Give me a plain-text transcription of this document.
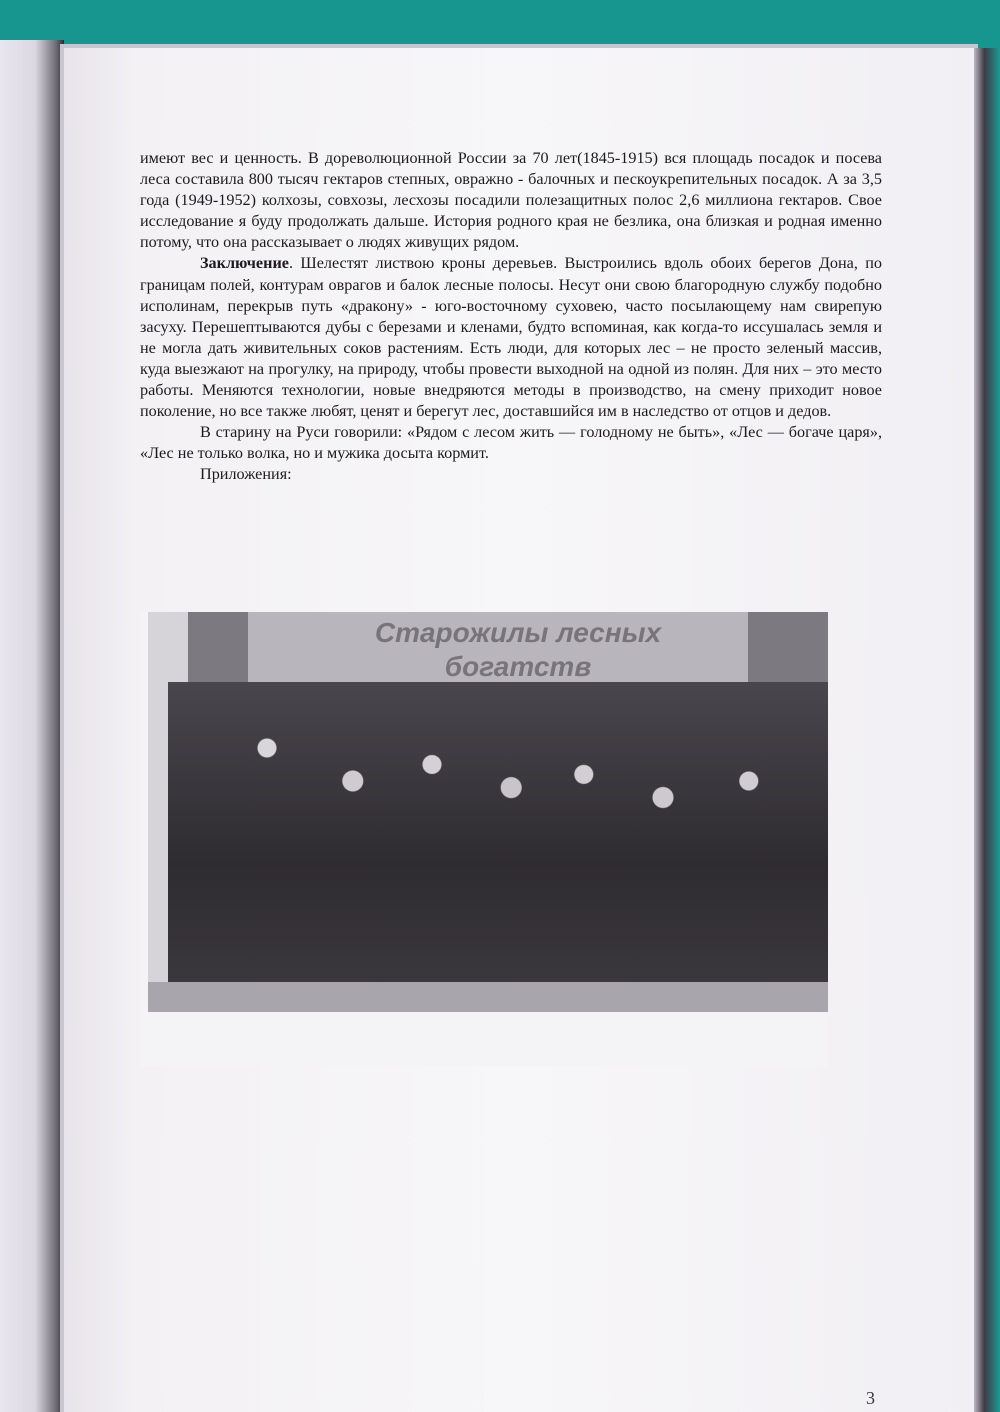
имеют вес и ценность. В дореволюционной России за 70 лет(1845-1915) вся площадь посадок и посева леса составила 800 тысяч гектаров степных, овражно - балочных и пескоукрепительных посадок. А за 3,5 года (1949-1952) колхозы, совхозы, лесхозы посадили полезащитных полос 2,6 миллиона гектаров. Свое исследование я буду продолжать дальше. История родного края не безлика, она близкая и родная именно потому, что она рассказывает о людях живущих рядом.

Заключение. Шелестят листвою кроны деревьев. Выстроились вдоль обоих берегов Дона, по границам полей, контурам оврагов и балок лесные полосы. Несут они свою благородную службу подобно исполинам, перекрыв путь «дракону» - юго-восточному суховею, часто посылающему нам свирепую засуху. Перешептываются дубы с березами и кленами, будто вспоминая, как когда-то иссушалась земля и не могла дать живительных соков растениям. Есть люди, для которых лес – не просто зеленый массив, куда выезжают на прогулку, на природу, чтобы провести выходной на одной из полян. Для них – это место работы. Меняются технологии, новые внедряются методы в производство, на смену приходит новое поколение, но все также любят, ценят и берегут лес, доставшийся им в наследство от отцов и дедов.

В старину на Руси говорили: «Рядом с лесом жить — голодному не быть», «Лес — богаче царя», «Лес не только волка, но и мужика досыта кормит.

Приложения:

Старожилы лесных
богатств
3
